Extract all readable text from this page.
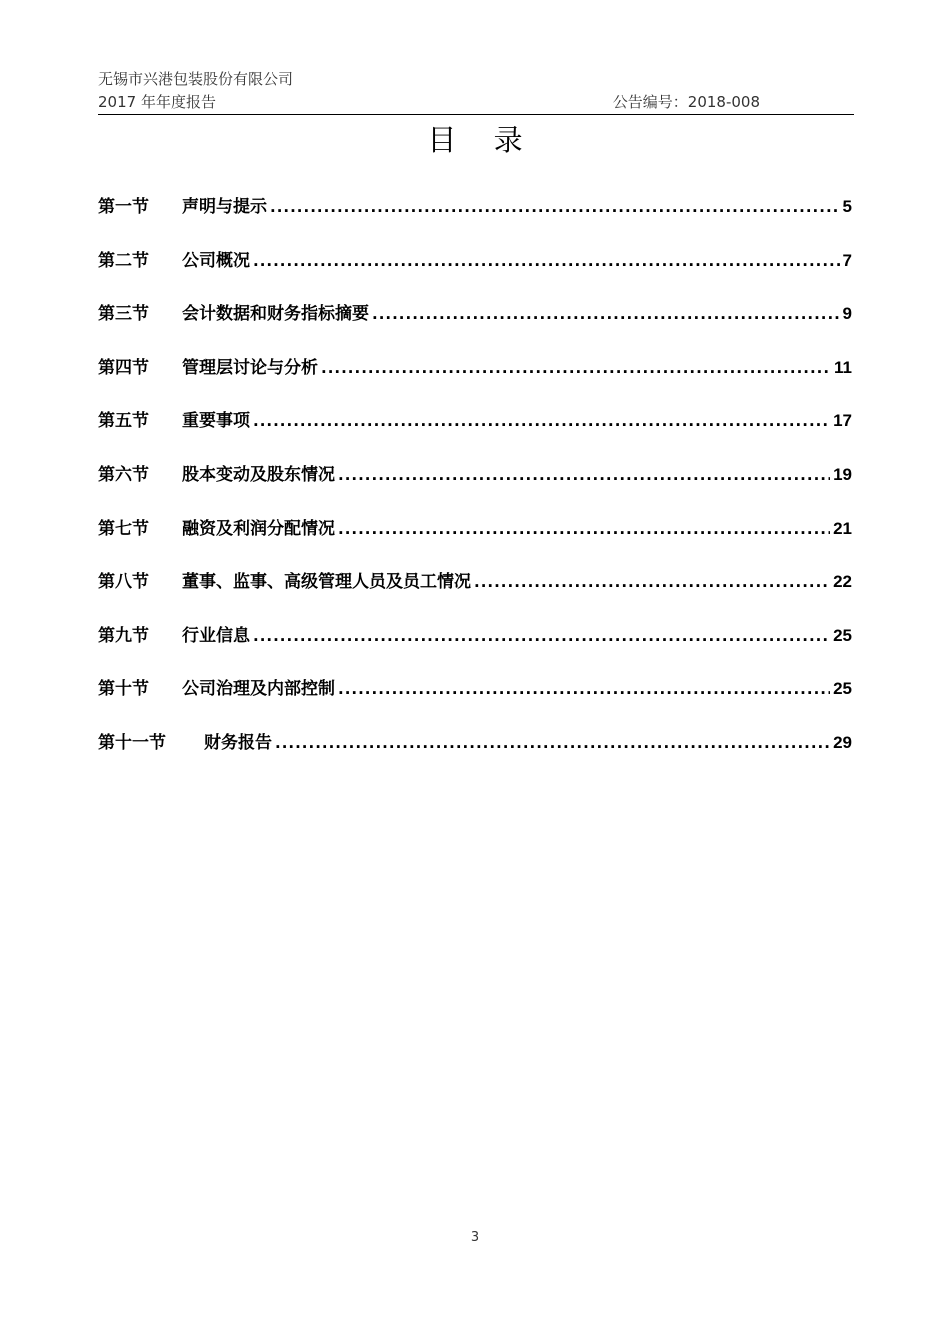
无锡市兴港包装股份有限公司
2017 年年度报告	公告编号：2018-008
目 录
第一节	声明与提示 .....	5
第二节	公司概况 .....	7
第三节	会计数据和财务指标摘要 .....	9
第四节	管理层讨论与分析 .....	11
第五节	重要事项 .....	17
第六节	股本变动及股东情况 .....	19
第七节	融资及利润分配情况 .....	21
第八节	董事、监事、高级管理人员及员工情况 .....	22
第九节	行业信息 .....	25
第十节	公司治理及内部控制 .....	25
第十一节	财务报告 .....	29
3
